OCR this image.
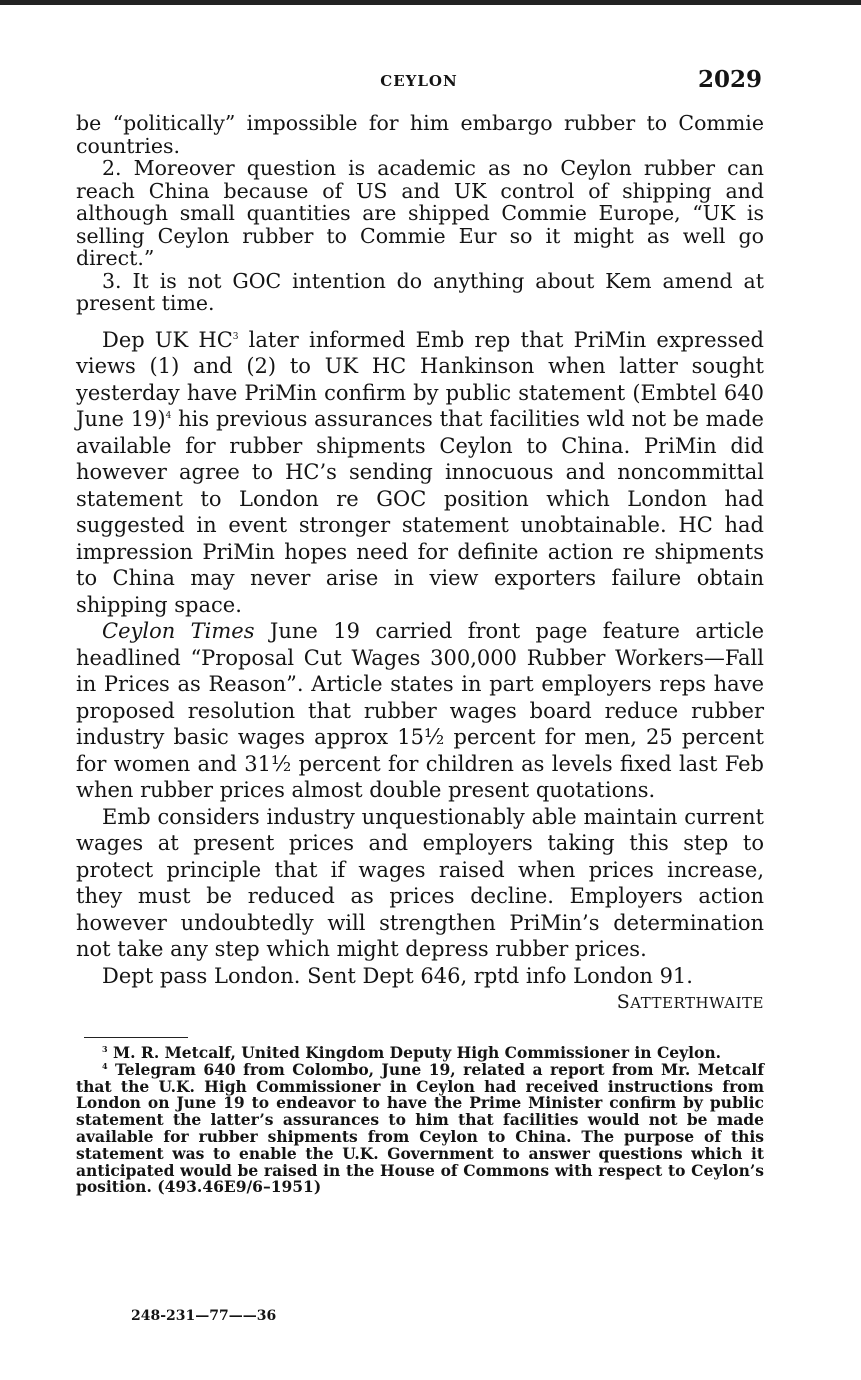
CEYLON	2029

be “politically” impossible for him embargo rubber to Commie countries.

2. Moreover question is academic as no Ceylon rubber can reach China because of US and UK control of shipping and although small quantities are shipped Commie Europe, “UK is selling Ceylon rubber to Commie Eur so it might as well go direct.”

3. It is not GOC intention do anything about Kem amend at present time.

Dep UK $HC^3$ later informed Emb rep that PriMin expressed views (1) and (2) to UK HC Hankinson when latter sought yesterday have PriMin confirm by public statement (Embtel 640 June 19)$^4$ his previous assurances that facilities wld not be made available for rubber shipments Ceylon to China. PriMin did however agree to HC’s sending innocuous and noncommittal statement to London re GOC position which London had suggested in event stronger statement unobtainable. HC had impression PriMin hopes need for definite action re shipments to China may never arise in view exporters failure obtain shipping space.

Ceylon Times June 19 carried front page feature article headlined “Proposal Cut Wages 300,000 Rubber Workers—Fall in Prices as Reason”. Article states in part employers reps have proposed resolution that rubber wages board reduce rubber industry basic wages approx 15½ percent for men, 25 percent for women and 31½ percent for children as levels fixed last Feb when rubber prices almost double present quotations.

Emb considers industry unquestionably able maintain current wages at present prices and employers taking this step to protect principle that if wages raised when prices increase, they must be reduced as prices decline. Employers action however undoubtedly will strengthen PriMin’s determination not take any step which might depress rubber prices.

Dept pass London. Sent Dept 646, rptd info London 91.

SATTERTHWAITE

$^3$ M. R. Metcalf, United Kingdom Deputy High Commissioner in Ceylon.

$^4$ Telegram 640 from Colombo, June 19, related a report from Mr. Metcalf that the U.K. High Commissioner in Ceylon had received instructions from London on June 19 to endeavor to have the Prime Minister confirm by public statement the latter’s assurances to him that facilities would not be made available for rubber shipments from Ceylon to China. The purpose of this statement was to enable the U.K. Government to answer questions which it anticipated would be raised in the House of Commons with respect to Ceylon’s position. (493.46E9/6–1951)

248-231—77——36
